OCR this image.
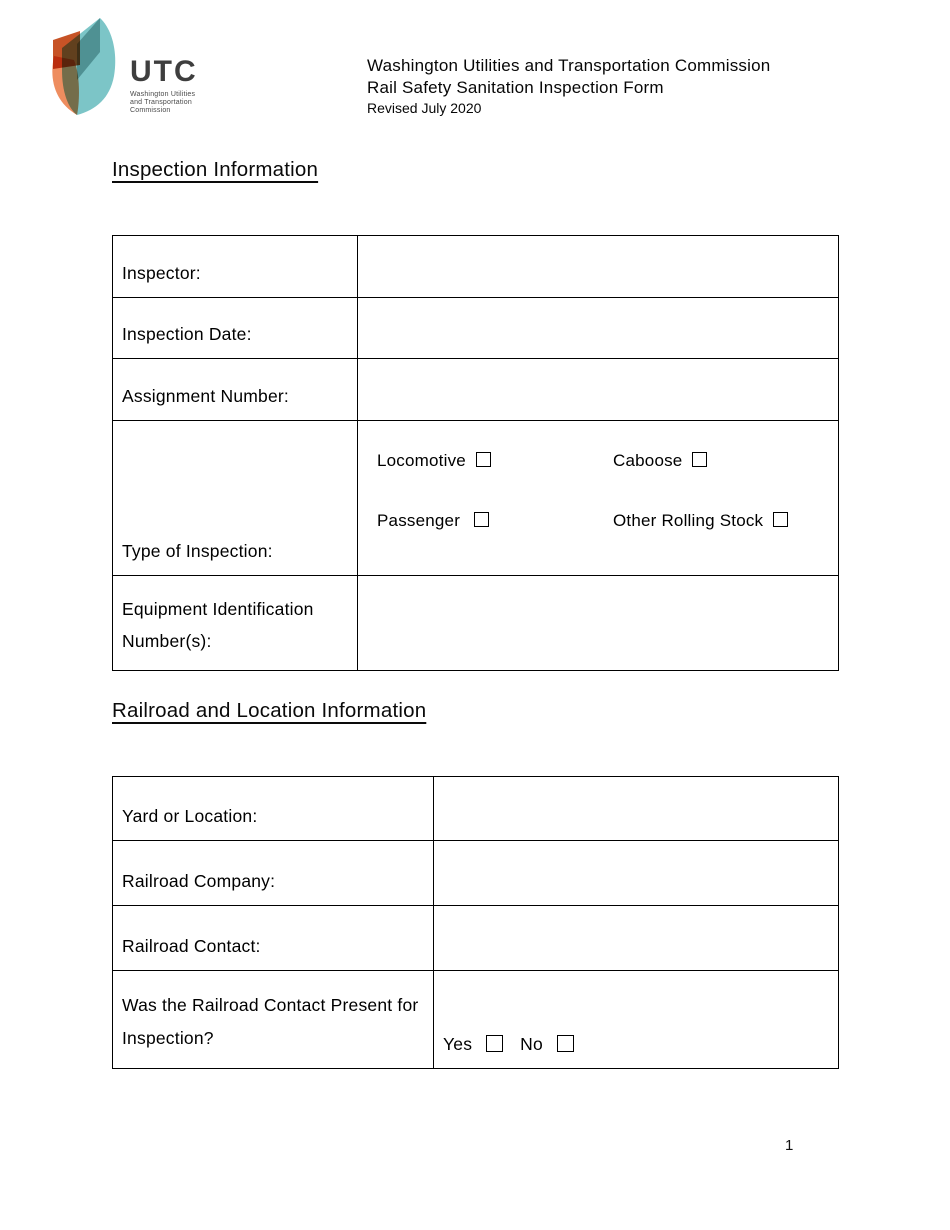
UTC
Washington Utilities
and Transportation
Commission
Washington Utilities and Transportation Commission
Rail Safety Sanitation Inspection Form
Revised July 2020
Inspection Information
Inspector:	
Inspection Date:	
Assignment Number:	
Type of Inspection:	Locomotive Caboose
Passenger Other Rolling Stock

Equipment Identification Number(s):	

Railroad and Location Information
Yard or Location:	
Railroad Company:	
Railroad Contact:	

Was the Railroad Contact Present for Inspection?	Yes No
1
